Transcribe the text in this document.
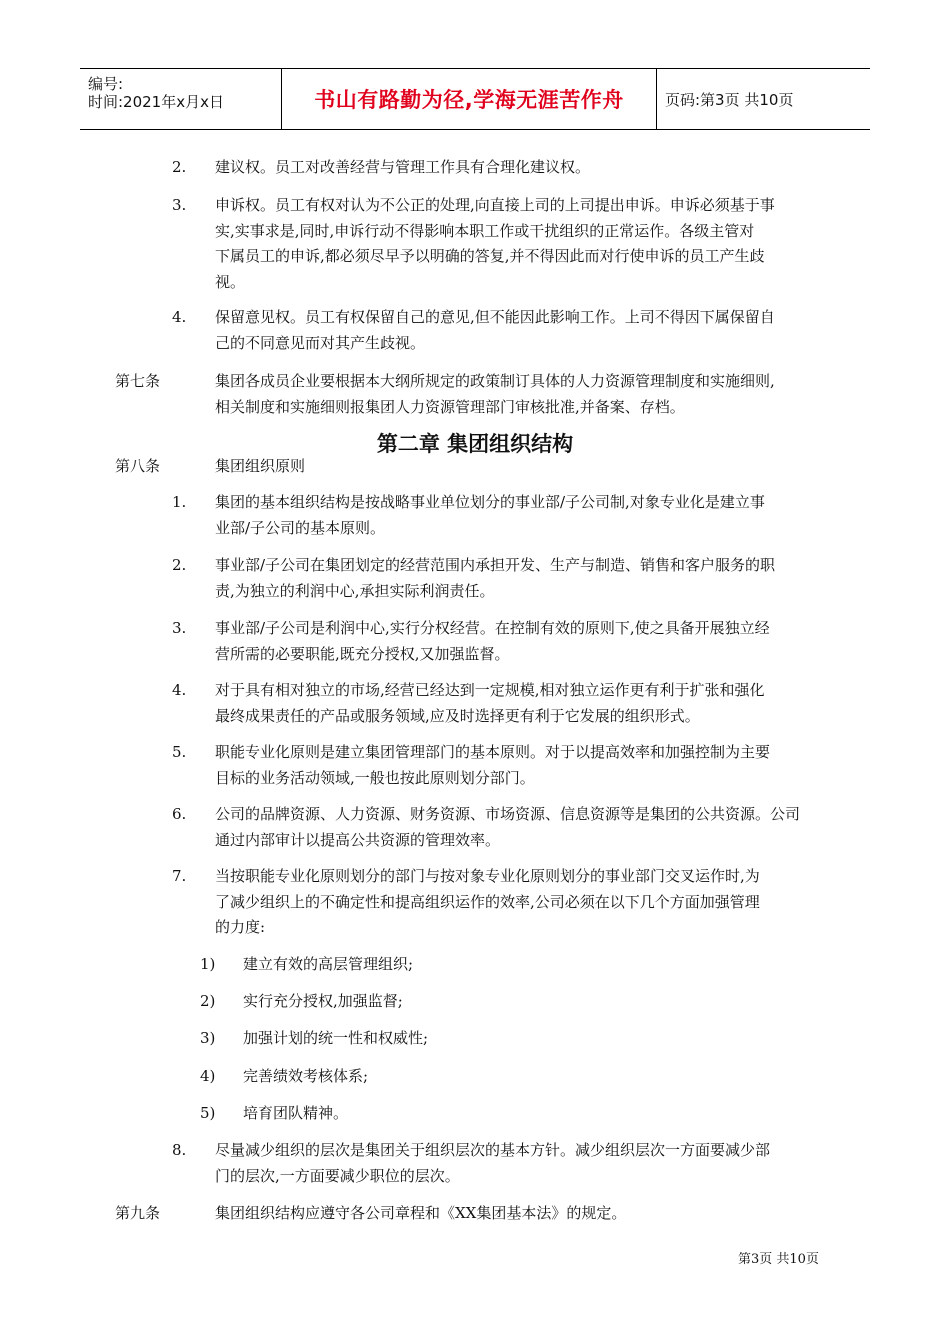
编号:
时间:2021年x月x日	书山有路勤为径,学海无涯苦作舟	页码:第3页 共10页
2. 建议权。员工对改善经营与管理工作具有合理化建议权。
3. 申诉权。员工有权对认为不公正的处理,向直接上司的上司提出申诉。申诉必须基于事
实,实事求是,同时,申诉行动不得影响本职工作或干扰组织的正常运作。各级主管对
下属员工的申诉,都必须尽早予以明确的答复,并不得因此而对行使申诉的员工产生歧
视。
4. 保留意见权。员工有权保留自己的意见,但不能因此影响工作。上司不得因下属保留自
己的不同意见而对其产生歧视。
第七条	集团各成员企业要根据本大纲所规定的政策制订具体的人力资源管理制度和实施细则,
相关制度和实施细则报集团人力资源管理部门审核批准,并备案、存档。
第二章 集团组织结构
第八条	集团组织原则
1. 集团的基本组织结构是按战略事业单位划分的事业部/子公司制,对象专业化是建立事
业部/子公司的基本原则。
2. 事业部/子公司在集团划定的经营范围内承担开发、生产与制造、销售和客户服务的职
责,为独立的利润中心,承担实际利润责任。
3. 事业部/子公司是利润中心,实行分权经营。在控制有效的原则下,使之具备开展独立经
营所需的必要职能,既充分授权,又加强监督。
4. 对于具有相对独立的市场,经营已经达到一定规模,相对独立运作更有利于扩张和强化
最终成果责任的产品或服务领域,应及时选择更有利于它发展的组织形式。
5. 职能专业化原则是建立集团管理部门的基本原则。对于以提高效率和加强控制为主要
目标的业务活动领域,一般也按此原则划分部门。
6. 公司的品牌资源、人力资源、财务资源、市场资源、信息资源等是集团的公共资源。公司
通过内部审计以提高公共资源的管理效率。
7. 当按职能专业化原则划分的部门与按对象专业化原则划分的事业部门交叉运作时,为
了减少组织上的不确定性和提高组织运作的效率,公司必须在以下几个方面加强管理
的力度:
1) 建立有效的高层管理组织;
2) 实行充分授权,加强监督;
3) 加强计划的统一性和权威性;
4) 完善绩效考核体系;
5) 培育团队精神。
8. 尽量减少组织的层次是集团关于组织层次的基本方针。减少组织层次一方面要减少部
门的层次,一方面要减少职位的层次。
第九条	集团组织结构应遵守各公司章程和《XX集团基本法》的规定。
第3页 共10页
